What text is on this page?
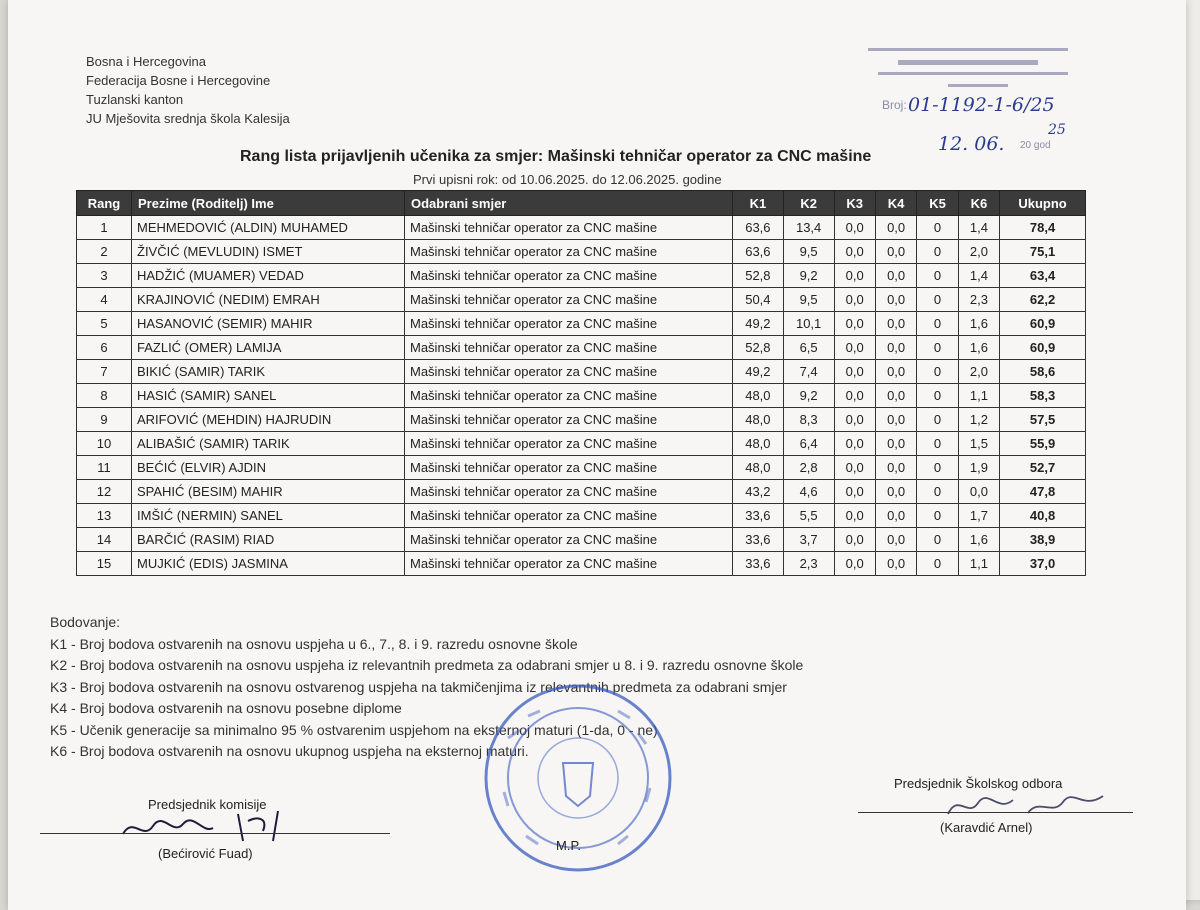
Bosna i Hercegovina
Federacija Bosne i Hercegovine
Tuzlanski kanton
JU Mješovita srednja škola Kalesija
Broj: 01-1192-1-6/25
12. 06.
25
20 god
Rang lista prijavljenih učenika za smjer: Mašinski tehničar operator za CNC mašine
Prvi upisni rok: od 10.06.2025. do 12.06.2025. godine
Rang	Prezime (Roditelj) Ime	Odabrani smjer	K1	K2	K3	K4	K5	K6	Ukupno
1	MEHMEDOVIĆ (ALDIN) MUHAMED	Mašinski tehničar operator za CNC mašine	63,6	13,4	0,0	0,0	0	1,4	78,4
2	ŽIVČIĆ (MEVLUDIN) ISMET	Mašinski tehničar operator za CNC mašine	63,6	9,5	0,0	0,0	0	2,0	75,1
3	HADŽIĆ (MUAMER) VEDAD	Mašinski tehničar operator za CNC mašine	52,8	9,2	0,0	0,0	0	1,4	63,4
4	KRAJINOVIĆ (NEDIM) EMRAH	Mašinski tehničar operator za CNC mašine	50,4	9,5	0,0	0,0	0	2,3	62,2
5	HASANOVIĆ (SEMIR) MAHIR	Mašinski tehničar operator za CNC mašine	49,2	10,1	0,0	0,0	0	1,6	60,9
6	FAZLIĆ (OMER) LAMIJA	Mašinski tehničar operator za CNC mašine	52,8	6,5	0,0	0,0	0	1,6	60,9
7	BIKIĆ (SAMIR) TARIK	Mašinski tehničar operator za CNC mašine	49,2	7,4	0,0	0,0	0	2,0	58,6
8	HASIĆ (SAMIR) SANEL	Mašinski tehničar operator za CNC mašine	48,0	9,2	0,0	0,0	0	1,1	58,3
9	ARIFOVIĆ (MEHDIN) HAJRUDIN	Mašinski tehničar operator za CNC mašine	48,0	8,3	0,0	0,0	0	1,2	57,5
10	ALIBAŠIĆ (SAMIR) TARIK	Mašinski tehničar operator za CNC mašine	48,0	6,4	0,0	0,0	0	1,5	55,9
11	BEĆIĆ (ELVIR) AJDIN	Mašinski tehničar operator za CNC mašine	48,0	2,8	0,0	0,0	0	1,9	52,7
12	SPAHIĆ (BESIM) MAHIR	Mašinski tehničar operator za CNC mašine	43,2	4,6	0,0	0,0	0	0,0	47,8
13	IMŠIĆ (NERMIN) SANEL	Mašinski tehničar operator za CNC mašine	33,6	5,5	0,0	0,0	0	1,7	40,8
14	BARČIĆ (RASIM) RIAD	Mašinski tehničar operator za CNC mašine	33,6	3,7	0,0	0,0	0	1,6	38,9
15	MUJKIĆ (EDIS) JASMINA	Mašinski tehničar operator za CNC mašine	33,6	2,3	0,0	0,0	0	1,1	37,0
Bodovanje:
K1 - Broj bodova ostvarenih na osnovu uspjeha u 6., 7., 8. i 9. razredu osnovne škole
K2 - Broj bodova ostvarenih na osnovu uspjeha iz relevantnih predmeta za odabrani smjer u 8. i 9. razredu osnovne škole
K3 - Broj bodova ostvarenih na osnovu ostvarenog uspjeha na takmičenjima iz relevantnih predmeta za odabrani smjer
K4 - Broj bodova ostvarenih na osnovu posebne diplome
K5 - Učenik generacije sa minimalno 95 % ostvarenim uspjehom na eksternoj maturi (1-da, 0 - ne)
K6 - Broj bodova ostvarenih na osnovu ukupnog uspjeha na eksternoj maturi.
Predsjednik komisije
(Bećirović Fuad)
M.P.
Predsjednik Školskog odbora
(Karavdić Arnel)
